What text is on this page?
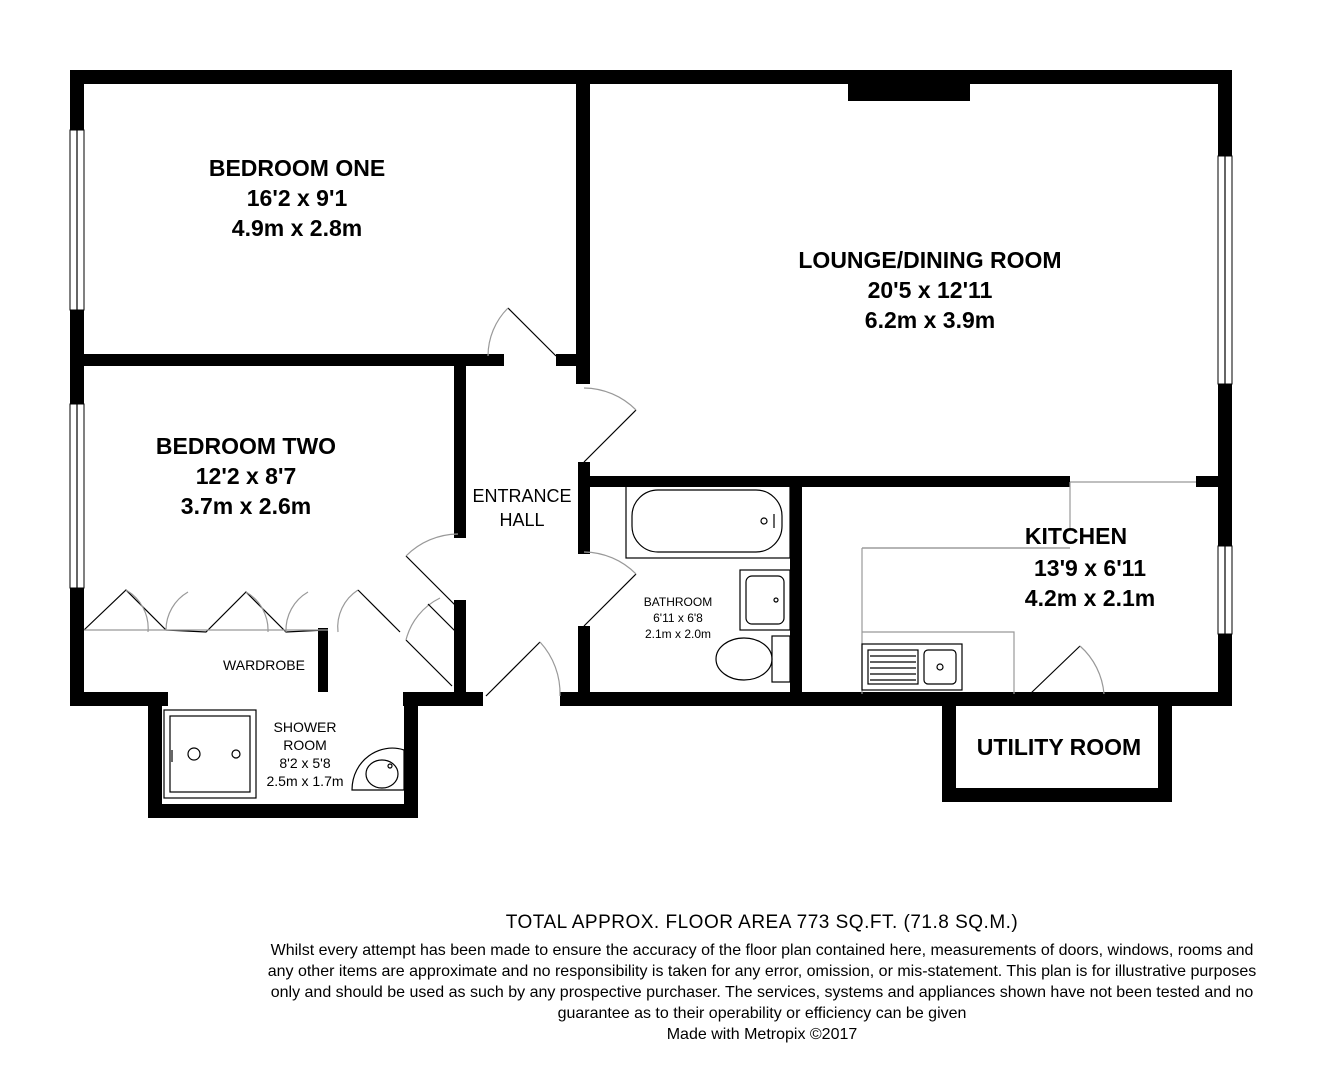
BEDROOM ONE
16'2 x 9'1
4.9m x 2.8m
LOUNGE/DINING ROOM
20'5 x 12'11
6.2m x 3.9m
BEDROOM TWO
12'2 x 8'7
3.7m x 2.6m	ENTRANCE
HALL
BATHROOM
6'11 x 6'8
2.1m x 2.0m
KITCHEN
13'9 x 6'11
4.2m x 2.1m
WARDROBE
SHOWER
ROOM
8'2 x 5'8
2.5m x 1.7m
UTILITY ROOM
TOTAL APPROX. FLOOR AREA 773 SQ.FT. (71.8 SQ.M.)
Whilst every attempt has been made to ensure the accuracy of the floor plan contained here, measurements of doors, windows, rooms and any other items are approximate and no responsibility is taken for any error, omission, or mis-statement. This plan is for illustrative purposes only and should be used as such by any prospective purchaser. The services, systems and appliances shown have not been tested and no guarantee as to their operability or efficiency can be given
Made with Metropix ©2017
